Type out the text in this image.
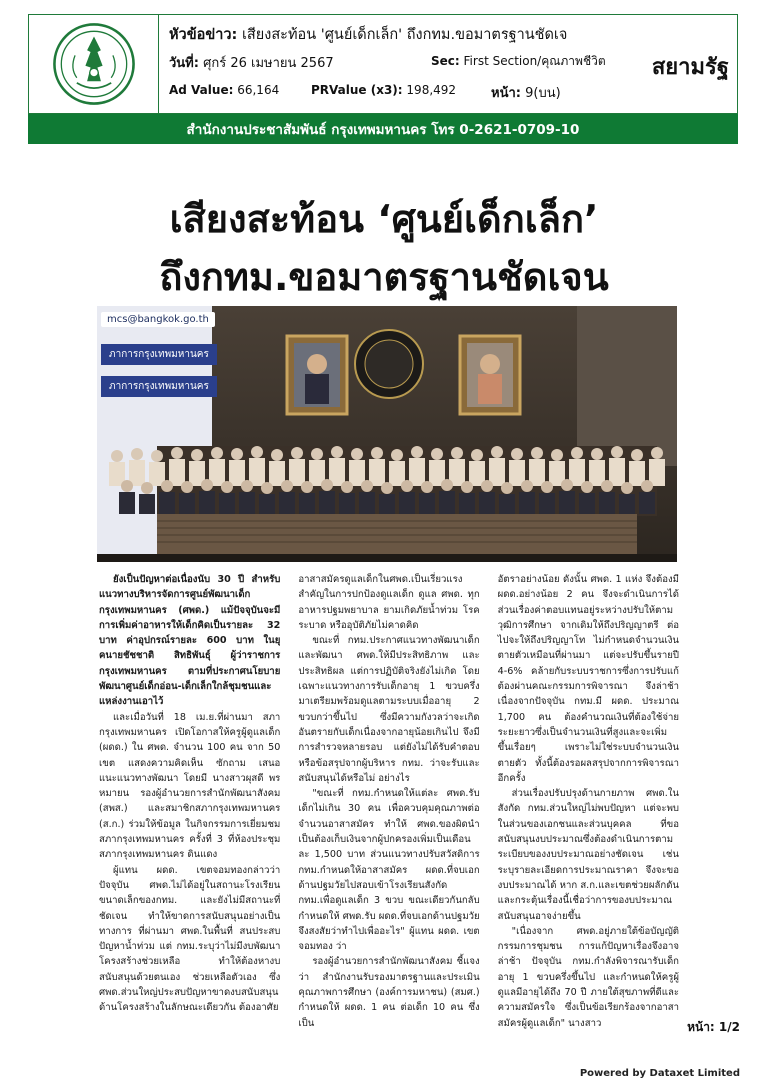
หัวข้อข่าว: เสียงสะท้อน 'ศูนย์เด็กเล็ก' ถึงกทม.ขอมาตรฐานชัดเจ
วันที่: ศุกร์ 26 เมษายน 2567	Sec: First Section/คุณภาพชีวิต
Ad Value: 66,164	PRValue (x3): 198,492	หน้า: 9(บน)
สยามรัฐ
สำนักงานประชาสัมพันธ์ กรุงเทพมหานคร โทร 0-2621-0709-10
เสียงสะท้อน ‘ศูนย์เด็กเล็ก’
ถึงกทม.ขอมาตรฐานชัดเจน
mcs@bangkok.go.th
ภาการกรุงเทพมหานคร
ภาการกรุงเทพมหานคร

ยังเป็นปัญหาต่อเนื่องนับ 30 ปี สำหรับแนวทางบริหารจัดการศูนย์พัฒนาเด็กกรุงเทพมหานคร (ศพด.) แม้ปัจจุบันจะมีการเพิ่มค่าอาหารให้เด็กคิดเป็นรายละ 32 บาท ค่าอุปกรณ์รายละ 600 บาท ในยุคนายชัชชาติ สิทธิพันธุ์ ผู้ว่าราชการกรุงเทพมหานคร ตามที่ประกาศนโยบายพัฒนาศูนย์เด็กอ่อน-เด็กเล็กใกล้ชุมชนและแหล่งงานเอาไว้

และเมื่อวันที่ 18 เม.ย.ที่ผ่านมา สภากรุงเทพมหานคร เปิดโอกาสให้ครูผู้ดูแลเด็ก (ผดด.) ใน ศพด. จำนวน 100 คน จาก 50 เขต แสดงความคิดเห็น ซักถาม เสนอแนะแนวทางพัฒนา โดยมี นางสาวผุสดี พรหมายน รองผู้อำนวยการสำนักพัฒนาสังคม (สพส.) และสมาชิกสภากรุงเทพมหานคร (ส.ก.) ร่วมให้ข้อมูล ในกิจกรรมการเยี่ยมชมสภากรุงเทพมหานคร ครั้งที่ 3 ที่ห้องประชุมสภากรุงเทพมหานคร ดินแดง

ผู้แทน ผดด. เขตจอมทองกล่าวว่า ปัจจุบัน ศพด.ไม่ได้อยู่ในสถานะโรงเรียนขนาดเล็กของกทม. และยังไม่มีสถานะที่ชัดเจน ทำให้ขาดการสนับสนุนอย่างเป็นทางการ ที่ผ่านมา ศพด.ในพื้นที่ สนประสบปัญหาน้ำท่วม แต่ กทม.ระบุว่าไม่มีงบพัฒนาโครงสร้างช่วยเหลือ ทำให้ต้องหางบสนับสนุนด้วยตนเอง ช่วยเหลือตัวเอง ซึ่ง ศพด.ส่วนใหญ่ประสบปัญหาขาดงบสนับสนุนด้านโครงสร้างในลักษณะเดียวกัน ต้องอาศัย

อาสาสมัครดูแลเด็กในศพด.เป็นเรี่ยวแรงสำคัญในการปกป้องดูแลเด็ก ดูแล ศพด. ทุกอาหารปฐมพยาบาล ยามเกิดภัยน้ำท่วม โรคระบาด หรืออุบัติภัยไม่คาดคิด

ขณะที่ กทม.ประกาศแนวทางพัฒนาเด็กและพัฒนา ศพด.ให้มีประสิทธิภาพ และประสิทธิผล แต่การปฏิบัติจริงยังไม่เกิด โดยเฉพาะแนวทางการรับเด็กอายุ 1 ขวบครึ่ง มาเตรียมพร้อมดูแลตามระบบเมื่ออายุ 2 ขวบกว่าขึ้นไป ซึ่งมีความกังวลว่าจะเกิดอันตรายกับเด็กเนื่องจากอายุน้อยเกินไป จึงมีการสำรวจหลายรอบ แต่ยังไม่ได้รับคำตอบหรือข้อสรุปจากผู้บริหาร กทม. ว่าจะรับและสนับสนุนได้หรือไม่ อย่างไร

"ขณะที่ กทม.กำหนดให้แต่ละ ศพด.รับเด็กไม่เกิน 30 คน เพื่อควบคุมคุณภาพต่อจำนวนอาสาสมัคร ทำให้ ศพด.ของผิดนำเป็นต้องเก็บเงินจากผู้ปกครองเพิ่มเป็นเดือนละ 1,500 บาท ส่วนแนวทางปรับสวัสดิการ กทม.กำหนดให้อาสาสมัคร ผดด.ที่จบเอกด้านปฐมวัยไปสอบเข้าโรงเรียนสังกัด กทม.เพื่อดูแลเด็ก 3 ขวบ ขณะเดียวกันกลับกำหนดให้ ศพด.รับ ผดด.ที่จบเอกด้านปฐมวัย จึงสงสัยว่าทำไปเพื่ออะไร" ผู้แทน ผดด. เขตจอมทอง ว่า

รองผู้อำนวยการสำนักพัฒนาสังคม ชี้แจงว่า สำนักงานรับรองมาตรฐานและประเมินคุณภาพการศึกษา (องค์การมหาชน) (สมศ.) กำหนดให้ ผดด. 1 คน ต่อเด็ก 10 คน ซึ่งเป็น

อัตราอย่างน้อย ดังนั้น ศพด. 1 แห่ง จึงต้องมี ผดด.อย่างน้อย 2 คน จึงจะดำเนินการได้ ส่วนเรื่องค่าตอบแทนอยู่ระหว่างปรับให้ตามวุฒิการศึกษา จากเดิมให้ถึงปริญญาตรี ต่อไปจะให้ถึงปริญญาโท ไม่กำหนดจำนวนเงินตายตัวเหมือนที่ผ่านมา แต่จะปรับขึ้นรายปี 4-6% คล้ายกับระบบราชการซึ่งการปรับแก้ต้องผ่านคณะกรรมการพิจารณา จึงล่าช้า เนื่องจากปัจจุบัน กทม.มี ผดด. ประมาณ 1,700 คน ต้องคำนวณเงินที่ต้องใช้จ่ายระยะยาวซึ่งเป็นจำนวนเงินที่สูงและจะเพิ่มขึ้นเรื่อยๆ เพราะไม่ใช่ระบบจำนวนเงินตายตัว ทั้งนี้ต้องรอผลสรุปจากการพิจารณาอีกครั้ง

ส่วนเรื่องปรับปรุงด้านกายภาพ ศพด.ในสังกัด กทม.ส่วนใหญ่ไม่พบปัญหา แต่จะพบในส่วนของเอกชนและส่วนบุคคล ที่ขอสนับสนุนงบประมาณซึ่งต้องดำเนินการตามระเบียบของงบประมาณอย่างชัดเจน เช่น ระบุรายละเอียดการประมาณราคา จึงจะของบประมาณได้ หาก ส.ก.และเขตช่วยผลักดันและกระตุ้นเรื่องนี้เชื่อว่าการของบประมาณสนับสนุนอาจง่ายขึ้น

"เนื่องจาก ศพด.อยู่ภายใต้ข้อบัญญัติกรรมการชุมชน การแก้ปัญหาเรื่องจึงอาจล่าช้า ปัจจุบัน กทม.กำลังพิจารณารับเด็กอายุ 1 ขวบครึ่งขึ้นไป และกำหนดให้ครูผู้ดูแลมีอายุได้ถึง 70 ปี ภายใต้สุขภาพที่ดีและความสมัครใจ ซึ่งเป็นข้อเรียกร้องจากอาสาสมัครผู้ดูแลเด็ก" นางสาว	หน้า: 1/2
Powered by Dataxet Limited
